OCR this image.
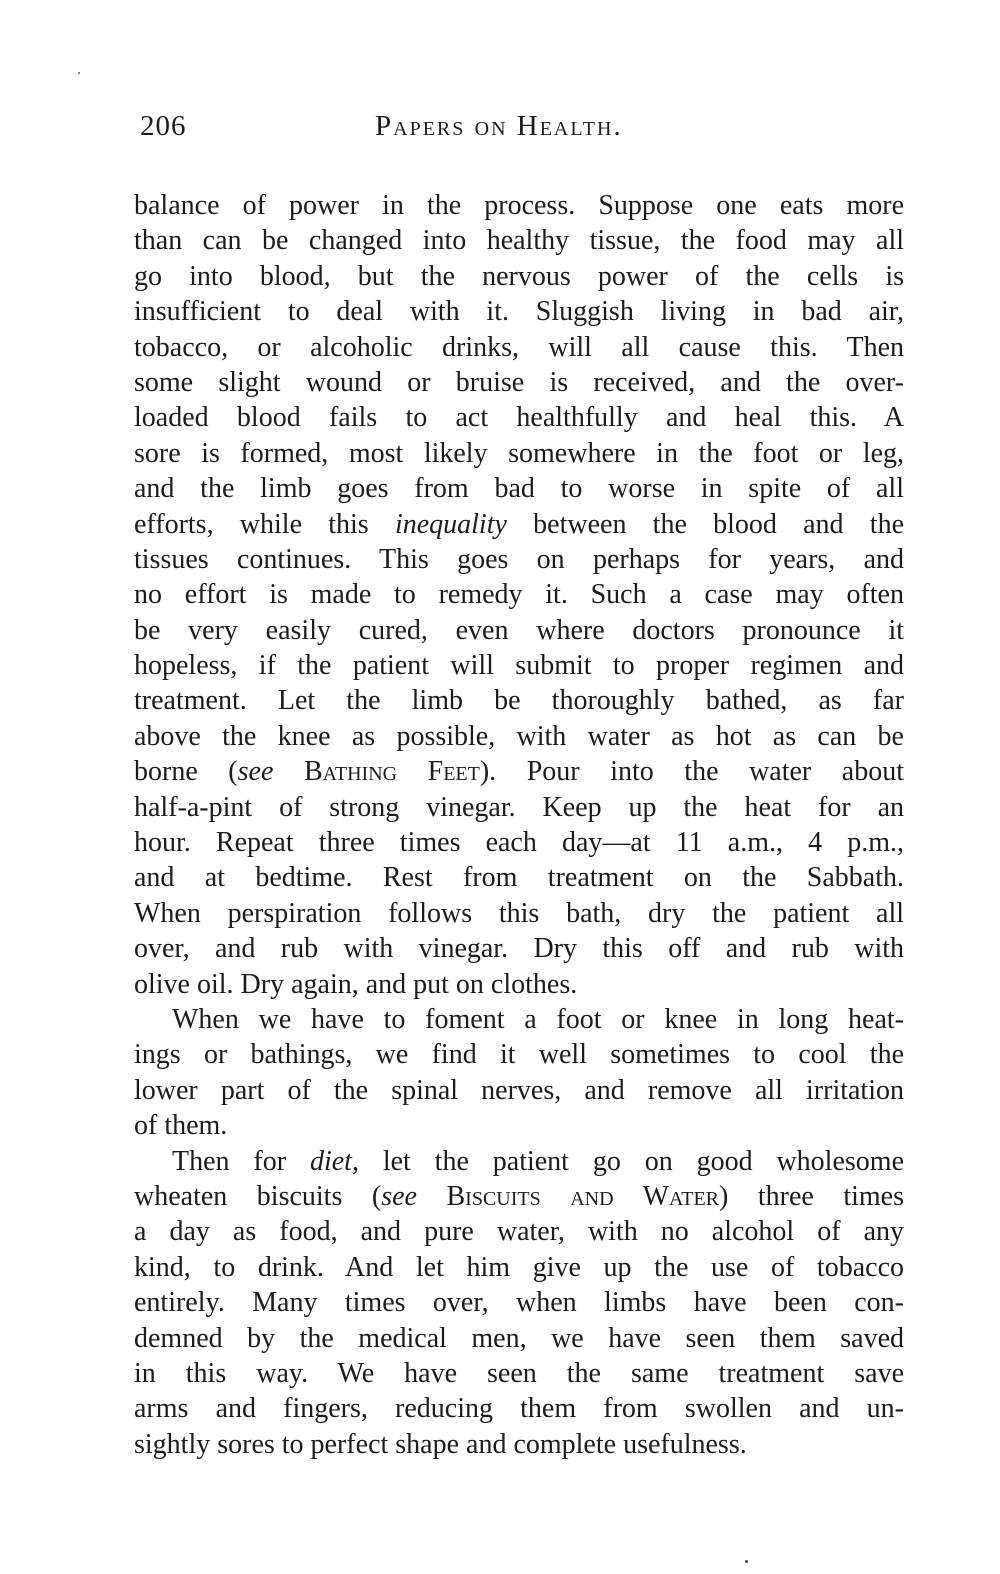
206	Papers on Health.
balance of power in the process. Suppose one eats more
than can be changed into healthy tissue, the food may all
go into blood, but the nervous power of the cells is
insufficient to deal with it. Sluggish living in bad air,
tobacco, or alcoholic drinks, will all cause this. Then
some slight wound or bruise is received, and the over-
loaded blood fails to act healthfully and heal this. A
sore is formed, most likely somewhere in the foot or leg,
and the limb goes from bad to worse in spite of all
efforts, while this inequality between the blood and the
tissues continues. This goes on perhaps for years, and
no effort is made to remedy it. Such a case may often
be very easily cured, even where doctors pronounce it
hopeless, if the patient will submit to proper regimen and
treatment. Let the limb be thoroughly bathed, as far
above the knee as possible, with water as hot as can be
borne (see Bathing Feet). Pour into the water about
half-a-pint of strong vinegar. Keep up the heat for an
hour. Repeat three times each day—at 11 a.m., 4 p.m.,
and at bedtime. Rest from treatment on the Sabbath.
When perspiration follows this bath, dry the patient all
over, and rub with vinegar. Dry this off and rub with
olive oil. Dry again, and put on clothes.
When we have to foment a foot or knee in long heat-
ings or bathings, we find it well sometimes to cool the
lower part of the spinal nerves, and remove all irritation
of them.
Then for diet, let the patient go on good wholesome
wheaten biscuits (see Biscuits and Water) three times
a day as food, and pure water, with no alcohol of any
kind, to drink. And let him give up the use of tobacco
entirely. Many times over, when limbs have been con-
demned by the medical men, we have seen them saved
in this way. We have seen the same treatment save
arms and fingers, reducing them from swollen and un-
sightly sores to perfect shape and complete usefulness.
